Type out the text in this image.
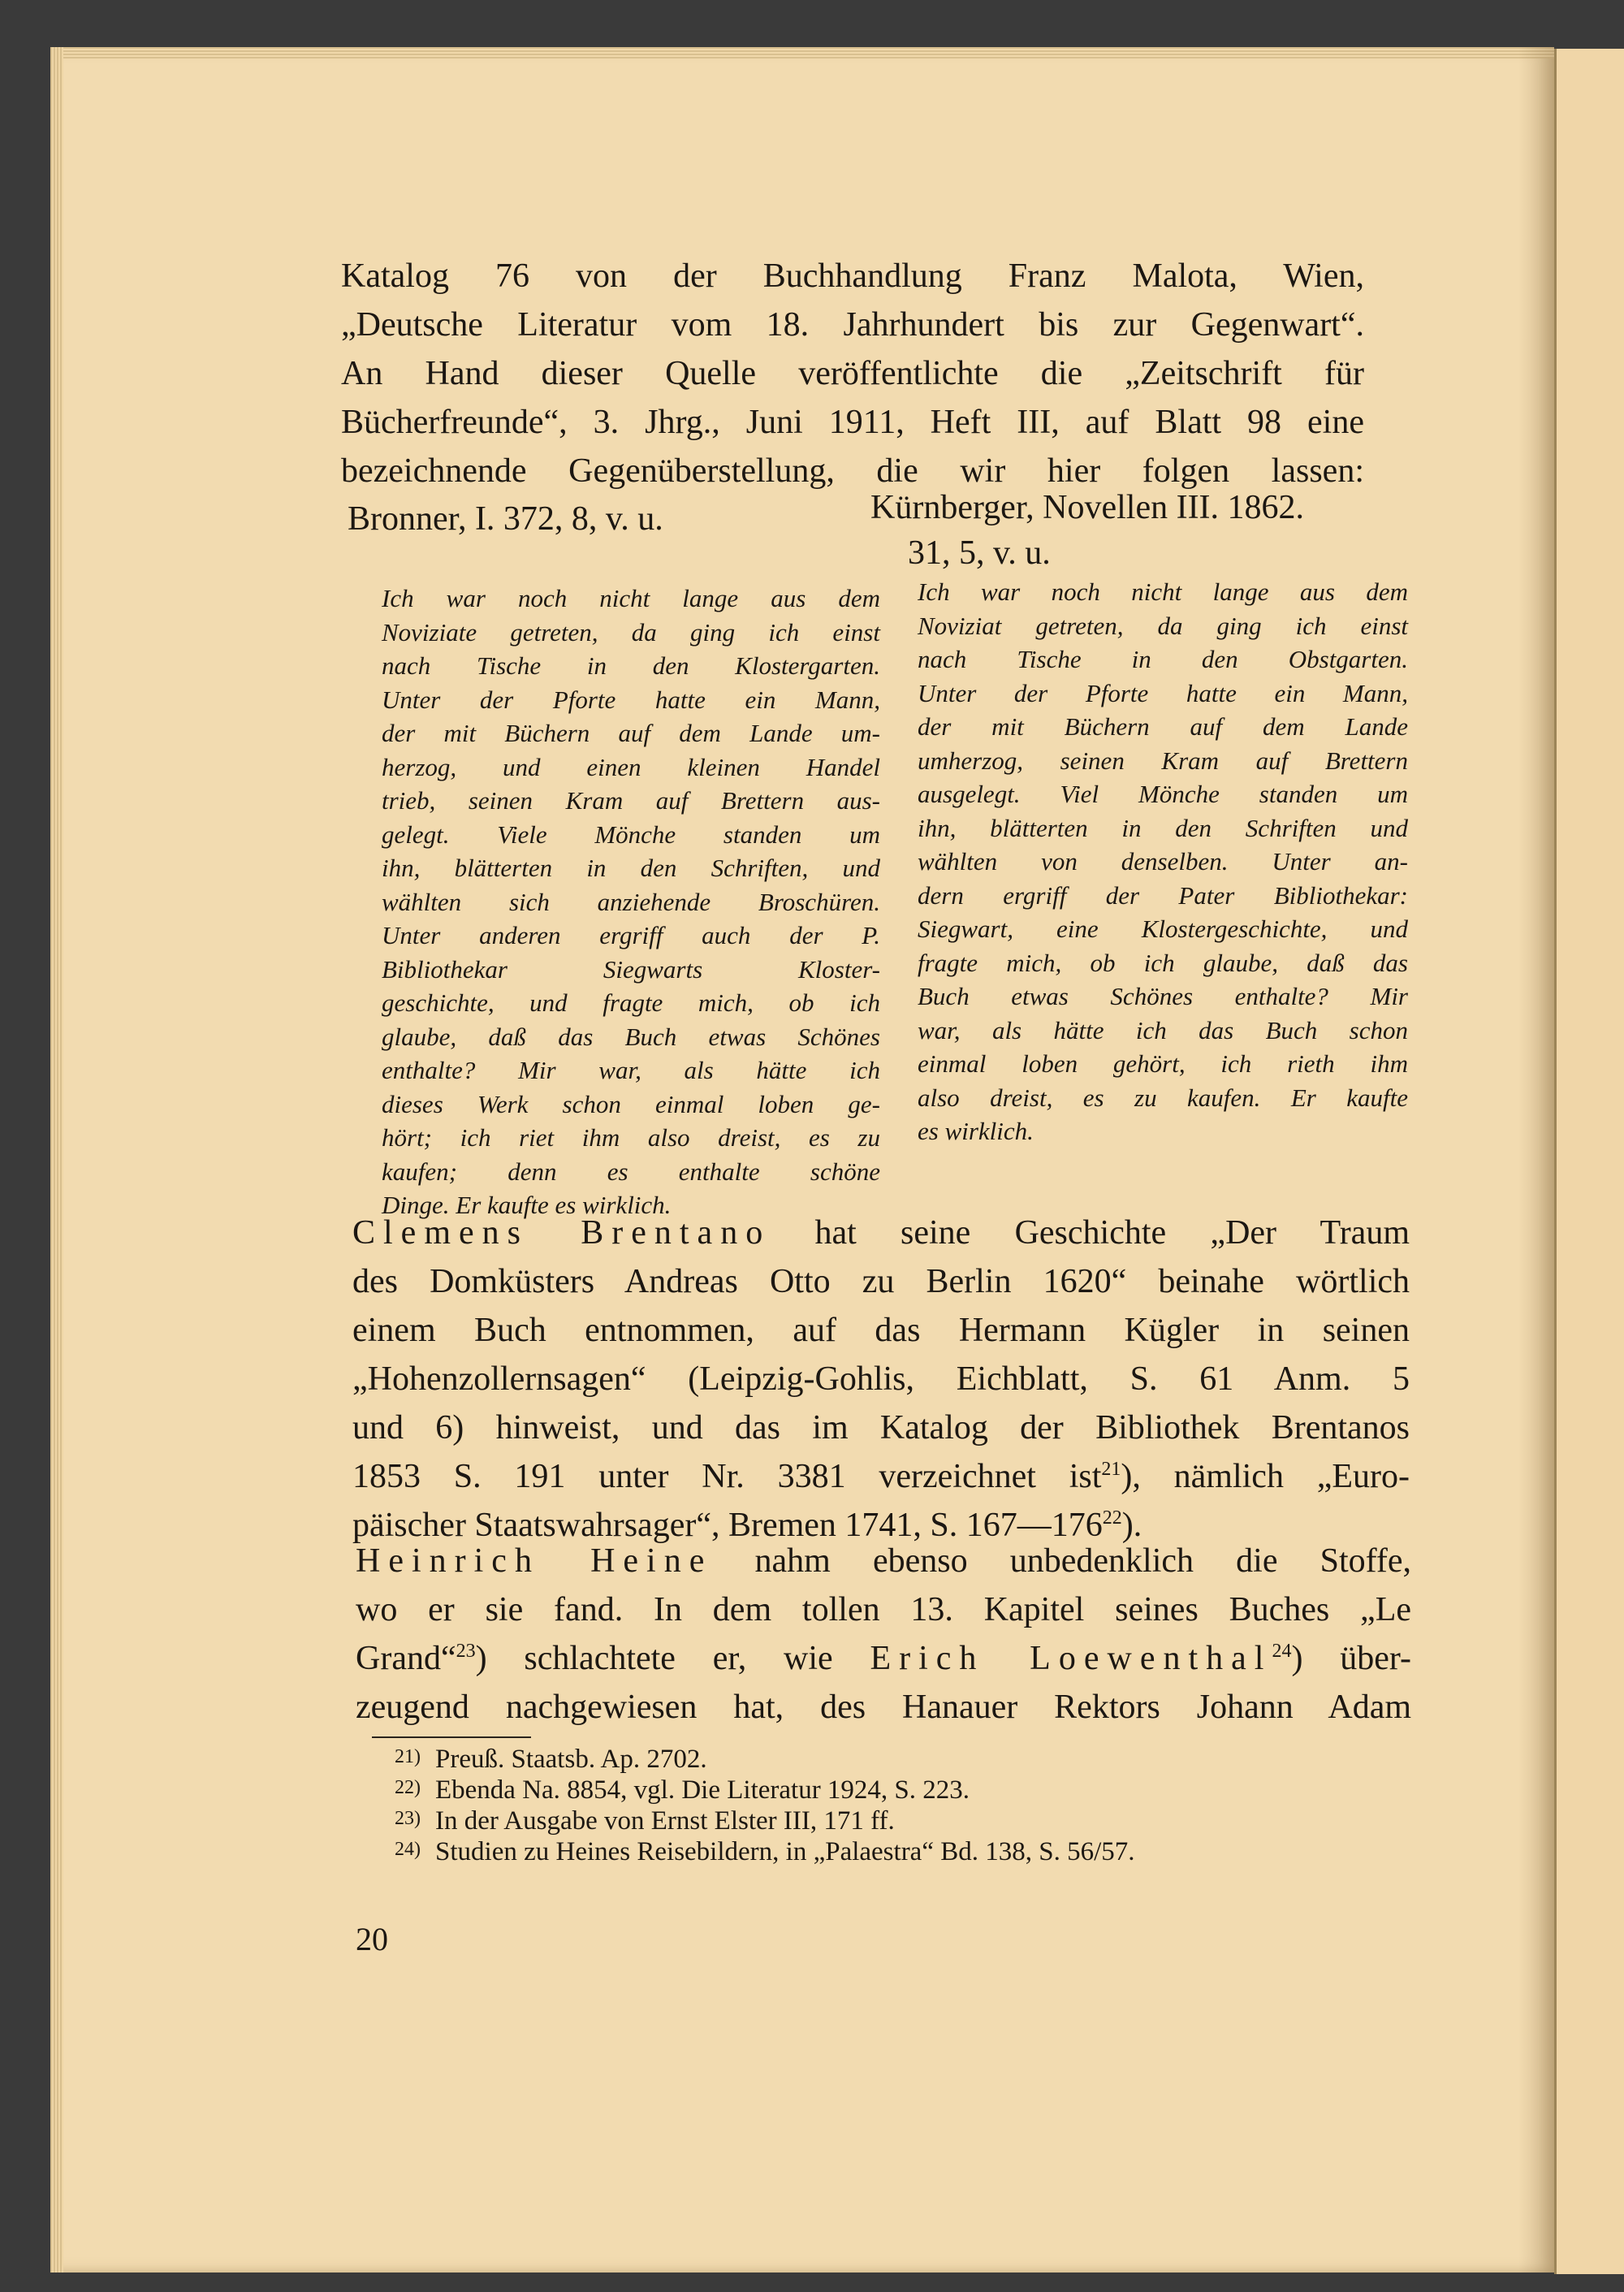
Katalog 76 von der Buchhandlung Franz Malota, Wien,
„Deutsche Literatur vom 18. Jahrhundert bis zur Gegenwart“.
An Hand dieser Quelle veröffentlichte die „Zeitschrift für
Bücherfreunde“, 3. Jhrg., Juni 1911, Heft III, auf Blatt 98 eine
bezeichnende Gegenüberstellung, die wir hier folgen lassen:
Bronner, I. 372, 8, v. u.	Kürnberger, Novellen III. 1862.
31, 5, v. u.
Ich war noch nicht lange aus dem
Noviziate getreten, da ging ich einst
nach Tische in den Klostergarten.
Unter der Pforte hatte ein Mann,
der mit Büchern auf dem Lande um-
herzog, und einen kleinen Handel
trieb, seinen Kram auf Brettern aus-
gelegt. Viele Mönche standen um
ihn, blätterten in den Schriften, und
wählten sich anziehende Broschüren.
Unter anderen ergriff auch der P.
Bibliothekar Siegwarts Kloster-
geschichte, und fragte mich, ob ich
glaube, daß das Buch etwas Schönes
enthalte? Mir war, als hätte ich
dieses Werk schon einmal loben ge-
hört; ich riet ihm also dreist, es zu
kaufen; denn es enthalte schöne
Dinge. Er kaufte es wirklich.
Ich war noch nicht lange aus dem
Noviziat getreten, da ging ich einst
nach Tische in den Obstgarten.
Unter der Pforte hatte ein Mann,
der mit Büchern auf dem Lande
umherzog, seinen Kram auf Brettern
ausgelegt. Viel Mönche standen um
ihn, blätterten in den Schriften und
wählten von denselben. Unter an-
dern ergriff der Pater Bibliothekar:
Siegwart, eine Klostergeschichte, und
fragte mich, ob ich glaube, daß das
Buch etwas Schönes enthalte? Mir
war, als hätte ich das Buch schon
einmal loben gehört, ich rieth ihm
also dreist, es zu kaufen. Er kaufte
es wirklich.
Clemens Brentano hat seine Geschichte „Der Traum
des Domküsters Andreas Otto zu Berlin 1620“ beinahe wörtlich
einem Buch entnommen, auf das Hermann Kügler in seinen
„Hohenzollernsagen“ (Leipzig-Gohlis, Eichblatt, S. 61 Anm. 5
und 6) hinweist, und das im Katalog der Bibliothek Brentanos
1853 S. 191 unter Nr. 3381 verzeichnet ist$^{21}$), nämlich „Euro-
päischer Staatswahrsager“, Bremen 1741, S. $167—176^{22}$).
Heinrich Heine nahm ebenso unbedenklich die Stoffe,
wo er sie fand. In dem tollen 13. Kapitel seines Buches „Le
Grand“$^{23}$) schlachtete er, wie Erich Loewenthal$^{24}$) über-
zeugend nachgewiesen hat, des Hanauer Rektors Johann Adam
21) Preuß. Staatsb. Ap. 2702.
22) Ebenda Na. 8854, vgl. Die Literatur 1924, S. 223.
23) In der Ausgabe von Ernst Elster III, 171 ff.
24) Studien zu Heines Reisebildern, in „Palaestra“ Bd. 138, S. 56/57.
20
